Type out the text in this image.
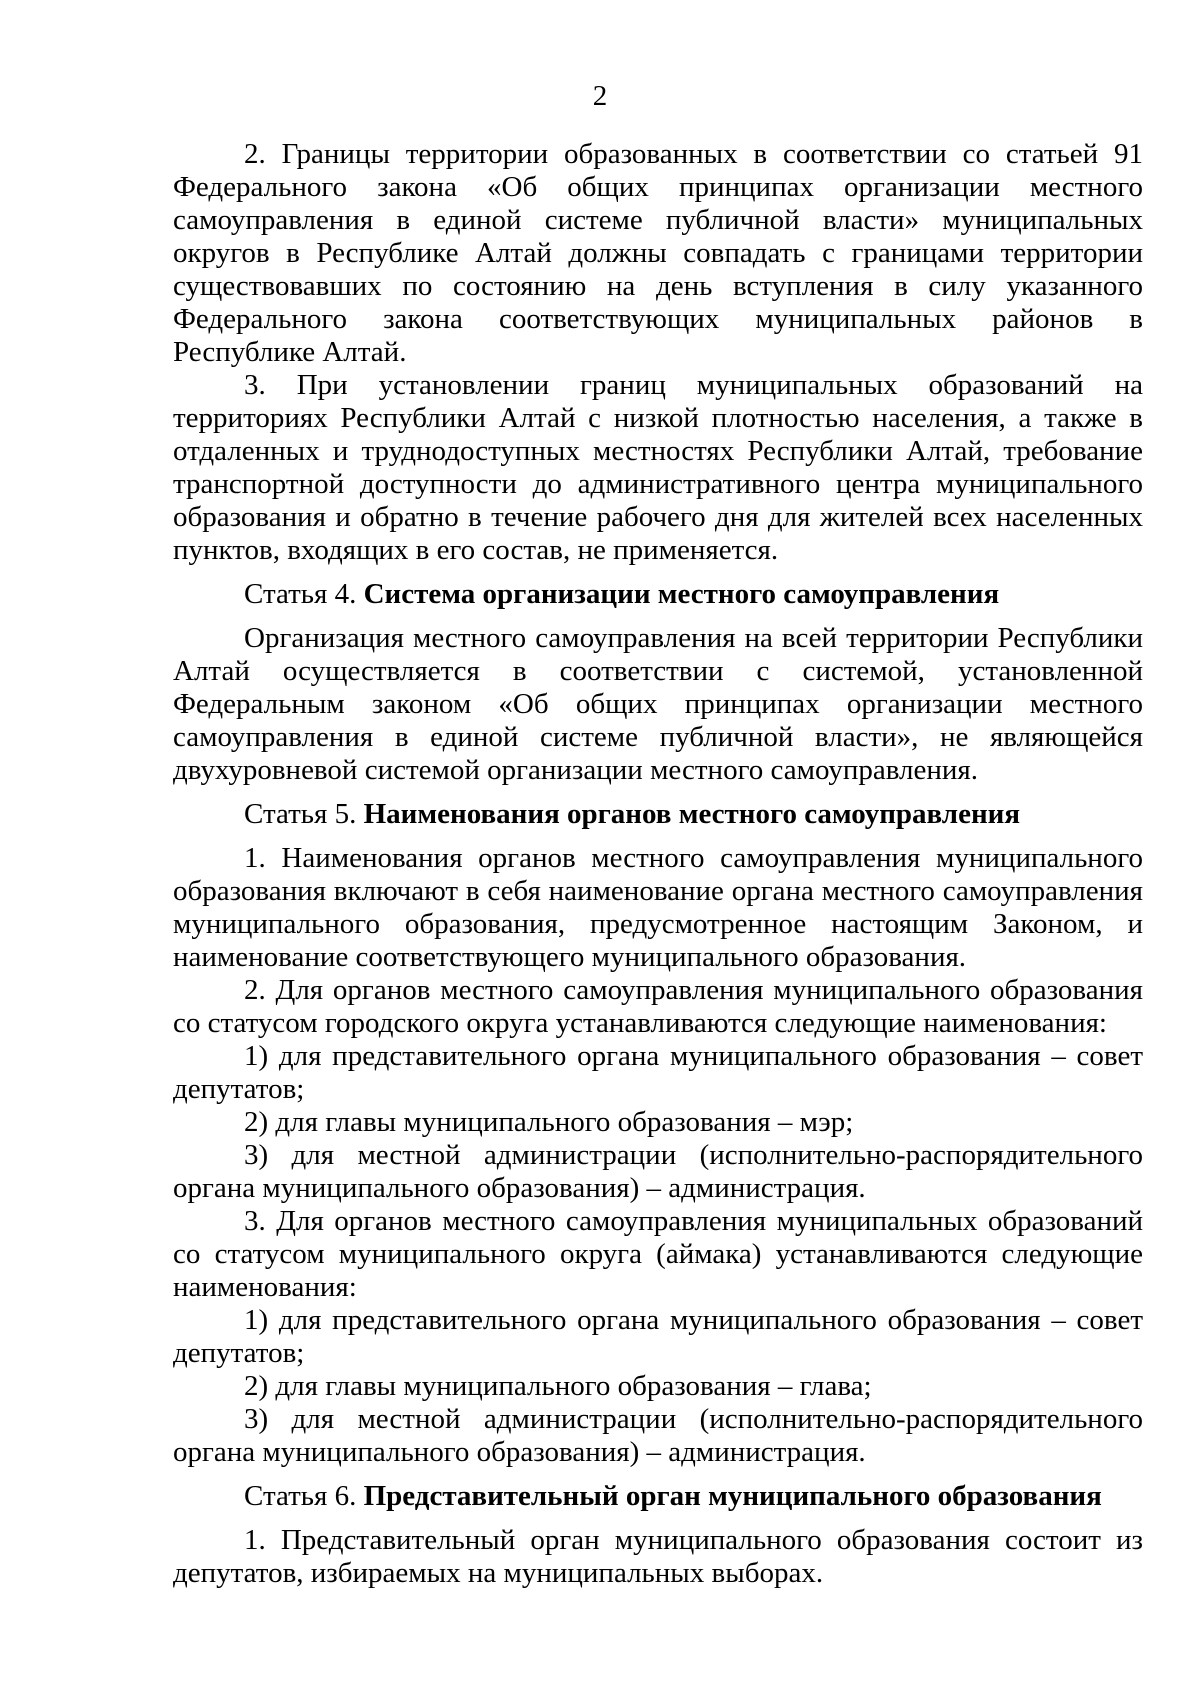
2

2. Границы территории образованных в соответствии со статьей 91 Федерального закона «Об общих принципах организации местного самоуправления в единой системе публичной власти» муниципальных округов в Республике Алтай должны совпадать с границами территории существовавших по состоянию на день вступления в силу указанного Федерального закона соответствующих муниципальных районов в Республике Алтай.

3. При установлении границ муниципальных образований на территориях Республики Алтай с низкой плотностью населения, а также в отдаленных и труднодоступных местностях Республики Алтай, требование транспортной доступности до административного центра муниципального образования и обратно в течение рабочего дня для жителей всех населенных пунктов, входящих в его состав, не применяется.

Статья 4. Система организации местного самоуправления

Организация местного самоуправления на всей территории Республики Алтай осуществляется в соответствии с системой, установленной Федеральным законом «Об общих принципах организации местного самоуправления в единой системе публичной власти», не являющейся двухуровневой системой организации местного самоуправления.

Статья 5. Наименования органов местного самоуправления

1. Наименования органов местного самоуправления муниципального образования включают в себя наименование органа местного самоуправления муниципального образования, предусмотренное настоящим Законом, и наименование соответствующего муниципального образования.

2. Для органов местного самоуправления муниципального образования со статусом городского округа устанавливаются следующие наименования:

1) для представительного органа муниципального образования – совет депутатов;

2) для главы муниципального образования – мэр;

3) для местной администрации (исполнительно-распорядительного органа муниципального образования) – администрация.

3. Для органов местного самоуправления муниципальных образований со статусом муниципального округа (аймака) устанавливаются следующие наименования:

1) для представительного органа муниципального образования – совет депутатов;

2) для главы муниципального образования – глава;

3) для местной администрации (исполнительно-распорядительного органа муниципального образования) – администрация.

Статья 6. Представительный орган муниципального образования

1. Представительный орган муниципального образования состоит из депутатов, избираемых на муниципальных выборах.
